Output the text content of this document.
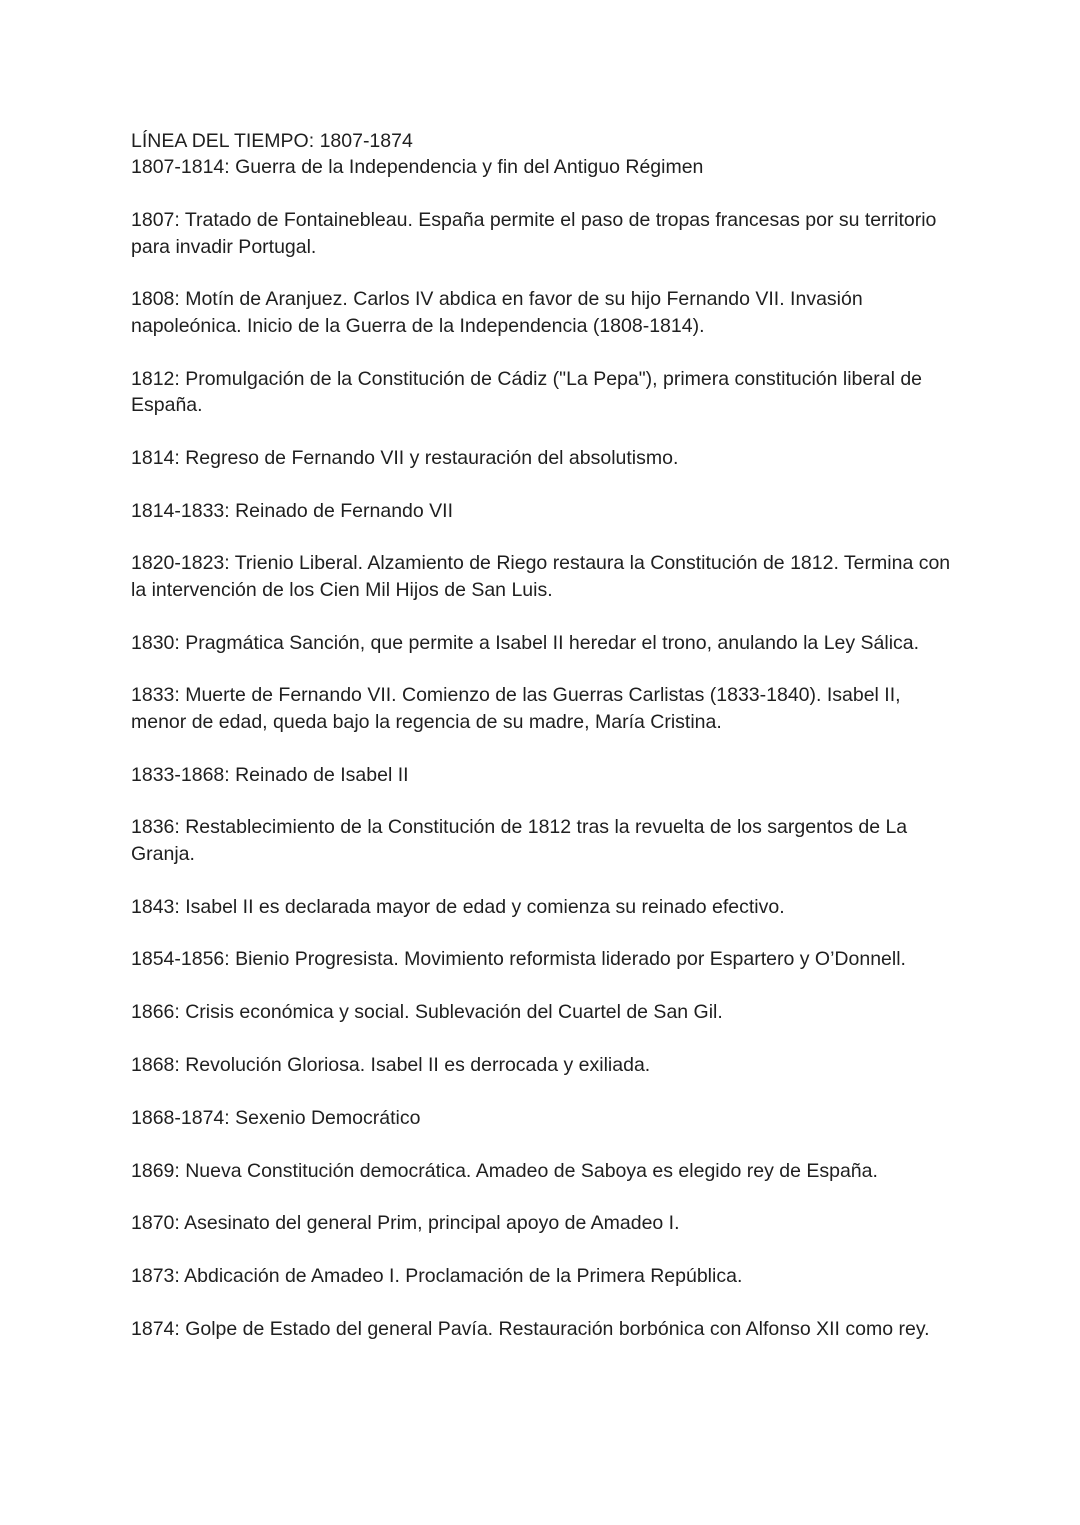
LÍNEA DEL TIEMPO: 1807-1874

1807-1814: Guerra de la Independencia y fin del Antiguo Régimen

1807: Tratado de Fontainebleau. España permite el paso de tropas francesas por su territorio para invadir Portugal.

1808: Motín de Aranjuez. Carlos IV abdica en favor de su hijo Fernando VII. Invasión napoleónica. Inicio de la Guerra de la Independencia (1808-1814).

1812: Promulgación de la Constitución de Cádiz ("La Pepa"), primera constitución liberal de España.

1814: Regreso de Fernando VII y restauración del absolutismo.

1814-1833: Reinado de Fernando VII

1820-1823: Trienio Liberal. Alzamiento de Riego restaura la Constitución de 1812. Termina con la intervención de los Cien Mil Hijos de San Luis.

1830: Pragmática Sanción, que permite a Isabel II heredar el trono, anulando la Ley Sálica.

1833: Muerte de Fernando VII. Comienzo de las Guerras Carlistas (1833-1840). Isabel II, menor de edad, queda bajo la regencia de su madre, María Cristina.

1833-1868: Reinado de Isabel II

1836: Restablecimiento de la Constitución de 1812 tras la revuelta de los sargentos de La Granja.

1843: Isabel II es declarada mayor de edad y comienza su reinado efectivo.

1854-1856: Bienio Progresista. Movimiento reformista liderado por Espartero y O’Donnell.

1866: Crisis económica y social. Sublevación del Cuartel de San Gil.

1868: Revolución Gloriosa. Isabel II es derrocada y exiliada.

1868-1874: Sexenio Democrático

1869: Nueva Constitución democrática. Amadeo de Saboya es elegido rey de España.

1870: Asesinato del general Prim, principal apoyo de Amadeo I.

1873: Abdicación de Amadeo I. Proclamación de la Primera República.

1874: Golpe de Estado del general Pavía. Restauración borbónica con Alfonso XII como rey.
